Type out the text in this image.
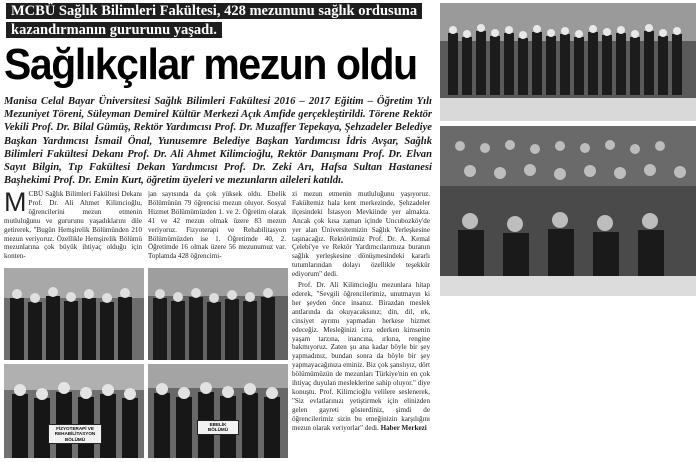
MCBÜ Sağlık Bilimleri Fakültesi, 428 mezununu sağlık ordusuna kazandırmanın gururunu yaşadı.
Sağlıkçılar mezun oldu
Manisa Celal Bayar Üniversitesi Sağlık Bilimleri Fakültesi 2016 – 2017 Eğitim – Öğretim Yılı Mezuniyet Töreni, Süleyman Demirel Kültür Merkezi Açık Amfide gerçekleştirildi. Törene Rektör Vekili Prof. Dr. Bilal Gümüş, Rektör Yardımcısı Prof. Dr. Muzaffer Tepekaya, Şehzadeler Belediye Başkan Yardımcısı İsmail Önal, Yunusemre Belediye Başkan Yardımcısı İdris Avşar, Sağlık Bilimleri Fakültesi Dekanı Prof. Dr. Ali Ahmet Kilimcioğlu, Rektör Danışmanı Prof. Dr. Elvan Sayıt Bilgin, Tıp Fakültesi Dekan Yardımcısı Prof. Dr. Zeki Arı, Hafsa Sultan Hastanesi Başhekimi Prof. Dr. Emin Kurt, öğretim üyeleri ve mezunların aileleri katıldı.
FİZYOTERAPİ VE REHABİLİTASYON BÖLÜMÜ
EBELİK BÖLÜMÜ
MCBÜ Sağlık Bilimleri Fakültesi Dekanı Prof. Dr. Ali Ahmet Kilimcioğlu, öğrencilerini mezun etmenin mutluluğunu ve gururunu yaşadıklarını dile getirerek, "Bugün Hemşirelik Bölümünden 210 mezun veriyoruz. Özellikle Hemşirelik Bölümü mezunlarına çok büyük ihtiyaç olduğu için konten-
jan sayısında da çok yüksek oldu. Ebelik Bölümünün 79 öğrencisi mezun oluyor. Sosyal Hizmet Bölümümüzden 1. ve 2. Öğretim olarak 41 ve 42 mezun olmak üzere 83 mezun veriyoruz. Fizyoterapi ve Rehabilitasyon Bölümümüzden ise 1. Öğretimde 40, 2. Öğretimde 16 olmak üzere 56 mezunumuz var. Toplamda 428 öğrencimi-

zi mezun etmenin mutluluğunu yaşıyoruz. Fakültemiz hala kent merkezinde, Şehzadeler ilçesindeki İstasyon Mevkiinde yer almakta. Ancak çok kısa zaman içinde Uncubozköy'de yer alan Üniversitemizin Sağlık Yerleşkesine taşınacağız. Rektörümüz Prof. Dr. A. Kemal Çelebi'ye ve Rektör Yardımcılarımıza buranın sağlık yerleşkesine dönüşmesindeki kararlı tutumlarından dolayı özellikle teşekkür ediyorum" dedi.

Prof. Dr. Ali Kilimcioğlu mezunlara hitap ederek, "Sevgili öğrencilerimiz, unutmayın ki her şeyden önce insanız. Birazdan meslek antlarında da okuyacaksınız; din, dil, ırk, cinsiyet ayrımı yapmadan herkese hizmet edeceğiz. Mesleğinizi icra ederken kimsenin yaşam tarzına, inancına, ırkına, rengine bakmıyoruz. Zaten şu ana kadar böyle bir şey yapmadınız, bundan sonra da böyle bir şey yapmayacağınıza eminiz. Biz çok şanslıyız, dört bölümümüzün de mezunları Türkiye'nin en çok ihtiyaç duyulan mesleklerine sahip oluyor." diye konuştu. Prof. Kilimcioğlu velilere seslenerek, "Siz evlatlarınızı yetiştirmek için elinizden gelen gayreti gösterdiniz, şimdi de öğrencilerimiz sizin bu emeğinizin karşılığını mezun olarak veriyorlar" dedi. Haber Merkezi
